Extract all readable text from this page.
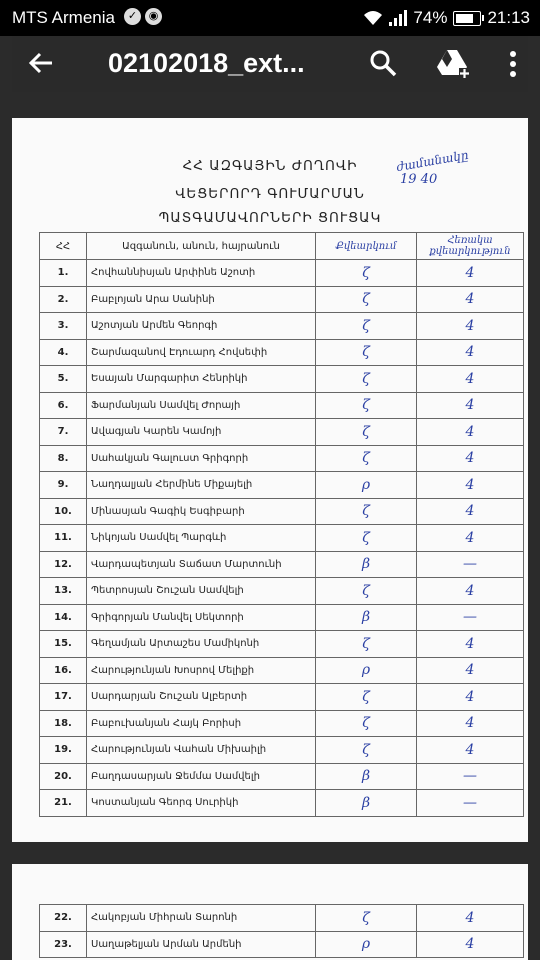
MTS Armenia	✓	◉	74% 21:13
02102018_ext...
ՀՀ ԱԶԳԱՅԻՆ ԺՈՂՈՎԻ
ՎԵՑԵՐՈՐԴ ԳՈՒՄԱՐՄԱՆ
ՊԱՏԳԱՄԱՎՈՐՆԵՐԻ ՑՈՒՑԱԿ
ժամանակը
19 40
ՀՀ	Ազգանուն, անուն, հայրանուն	Քվեարկում	Հեռակա քվեարկություն
1.	Հովհաննիսյան Արփինե Աշոտի	ζ	4
2.	Բաբլոյան Արա Սանինի	ζ	4
3.	Աշոտյան Արմեն Գեորգի	ζ	4
4.	Շարմազանով Էդուարդ Հովսեփի	ζ	4
5.	Եսայան Մարգարիտ Հենրիկի	ζ	4
6.	Ֆարմանյան Սամվել Ժորայի	ζ	4
7.	Ավագյան Կարեն Կամոյի	ζ	4
8.	Սահակյան Գալուստ Գրիգորի	ζ	4
9.	Նաղդալյան Հերմինե Միքայելի	ρ	4
10.	Մինասյան Գագիկ Եսգիբարի	ζ	4
11.	Նիկոյան Սամվել Պարգևի	ζ	4
12.	Վարդապետյան Տաճատ Մարտունի	β	—
13.	Պետրոսյան Շուշան Սամվելի	ζ	4
14.	Գրիգորյան Մանվել Սեկտորի	β	—
15.	Գեղամյան Արտաշես Մամիկոնի	ζ	4
16.	Հարությունյան Խոսրով Մելիքի	ρ	4
17.	Սարդարյան Շուշան Ալբերտի	ζ	4
18.	Բաբուխանյան Հայկ Բորիսի	ζ	4
19.	Հարությունյան Վահան Միխաիլի	ζ	4
20.	Բաղդասարյան Ջեմմա Սամվելի	β	—
21.	Կոստանյան Գեորգ Սուրիկի	β	—
22.	Հակոբյան Միհրան Տարոնի	ζ	4
23.	Սաղաթելյան Արման Արմենի	ρ	4
